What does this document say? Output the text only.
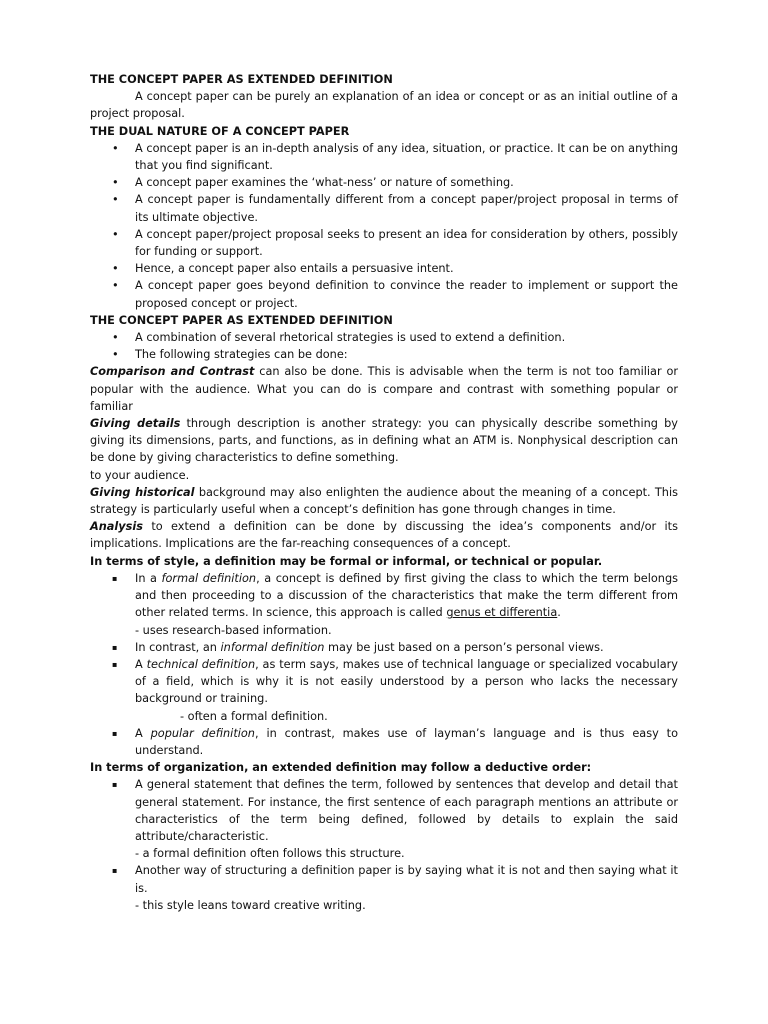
THE CONCEPT PAPER AS EXTENDED DEFINITION

A concept paper can be purely an explanation of an idea or concept or as an initial outline of a project proposal.

THE DUAL NATURE OF A CONCEPT PAPER

•	A concept paper is an in-depth analysis of any idea, situation, or practice. It can be on anything that you find significant.
•	A concept paper examines the ‘what-ness’ or nature of something.
•	A concept paper is fundamentally different from a concept paper/project proposal in terms of its ultimate objective.
•	A concept paper/project proposal seeks to present an idea for consideration by others, possibly for funding or support.
•	Hence, a concept paper also entails a persuasive intent.
•	A concept paper goes beyond definition to convince the reader to implement or support the proposed concept or project.

THE CONCEPT PAPER AS EXTENDED DEFINITION

•	A combination of several rhetorical strategies is used to extend a definition.
•	The following strategies can be done:

Comparison and Contrast can also be done. This is advisable when the term is not too familiar or popular with the audience. What you can do is compare and contrast with something popular or familiar

Giving details through description is another strategy: you can physically describe something by giving its dimensions, parts, and functions, as in defining what an ATM is. Nonphysical description can be done by giving characteristics to define something.

to your audience.

Giving historical background may also enlighten the audience about the meaning of a concept. This strategy is particularly useful when a concept’s definition has gone through changes in time.

Analysis to extend a definition can be done by discussing the idea’s components and/or its implications. Implications are the far-reaching consequences of a concept.

In terms of style, a definition may be formal or informal, or technical or popular.

▪	In a formal definition, a concept is defined by first giving the class to which the term belongs and then proceeding to a discussion of the characteristics that make the term different from other related terms. In science, this approach is called genus et differentia.
- uses research-based information.
▪	In contrast, an informal definition may be just based on a person’s personal views.
▪	A technical definition, as term says, makes use of technical language or specialized vocabulary of a field, which is why it is not easily understood by a person who lacks the necessary background or training.
- often a formal definition.
▪	A popular definition, in contrast, makes use of layman’s language and is thus easy to understand.

In terms of organization, an extended definition may follow a deductive order:

▪	A general statement that defines the term, followed by sentences that develop and detail that general statement. For instance, the first sentence of each paragraph mentions an attribute or characteristics of the term being defined, followed by details to explain the said attribute/characteristic.
- a formal definition often follows this structure.
▪	Another way of structuring a definition paper is by saying what it is not and then saying what it is.
- this style leans toward creative writing.
